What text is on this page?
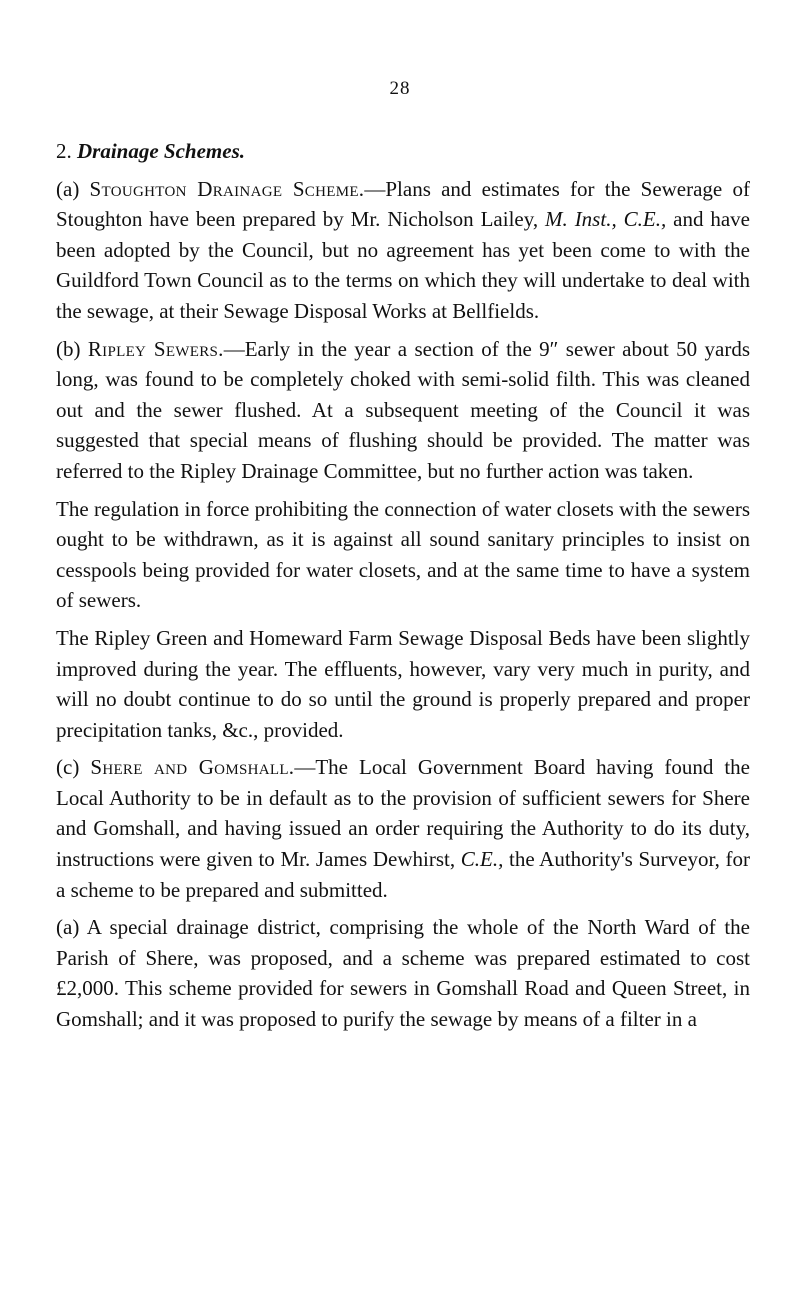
28
2. Drainage Schemes.

(a) Stoughton Drainage Scheme.—Plans and estimates for the Sewerage of Stoughton have been prepared by Mr. Nicholson Lailey, M. Inst., C.E., and have been adopted by the Council, but no agreement has yet been come to with the Guildford Town Council as to the terms on which they will undertake to deal with the sewage, at their Sewage Disposal Works at Bellfields.

(b) Ripley Sewers.—Early in the year a section of the 9″ sewer about 50 yards long, was found to be completely choked with semi-solid filth. This was cleaned out and the sewer flushed. At a subsequent meeting of the Council it was suggested that special means of flushing should be provided. The matter was referred to the Ripley Drainage Committee, but no further action was taken.

The regulation in force prohibiting the connection of water closets with the sewers ought to be withdrawn, as it is against all sound sanitary principles to insist on cesspools being provided for water closets, and at the same time to have a system of sewers.

The Ripley Green and Homeward Farm Sewage Disposal Beds have been slightly improved during the year. The effluents, however, vary very much in purity, and will no doubt continue to do so until the ground is properly prepared and proper precipitation tanks, &c., provided.

(c) Shere and Gomshall.—The Local Government Board having found the Local Authority to be in default as to the provision of sufficient sewers for Shere and Gomshall, and having issued an order requiring the Authority to do its duty, instructions were given to Mr. James Dewhirst, C.E., the Authority's Surveyor, for a scheme to be prepared and submitted.

(a) A special drainage district, comprising the whole of the North Ward of the Parish of Shere, was proposed, and a scheme was prepared estimated to cost £2,000. This scheme provided for sewers in Gomshall Road and Queen Street, in Gomshall; and it was proposed to purify the sewage by means of a filter in a
